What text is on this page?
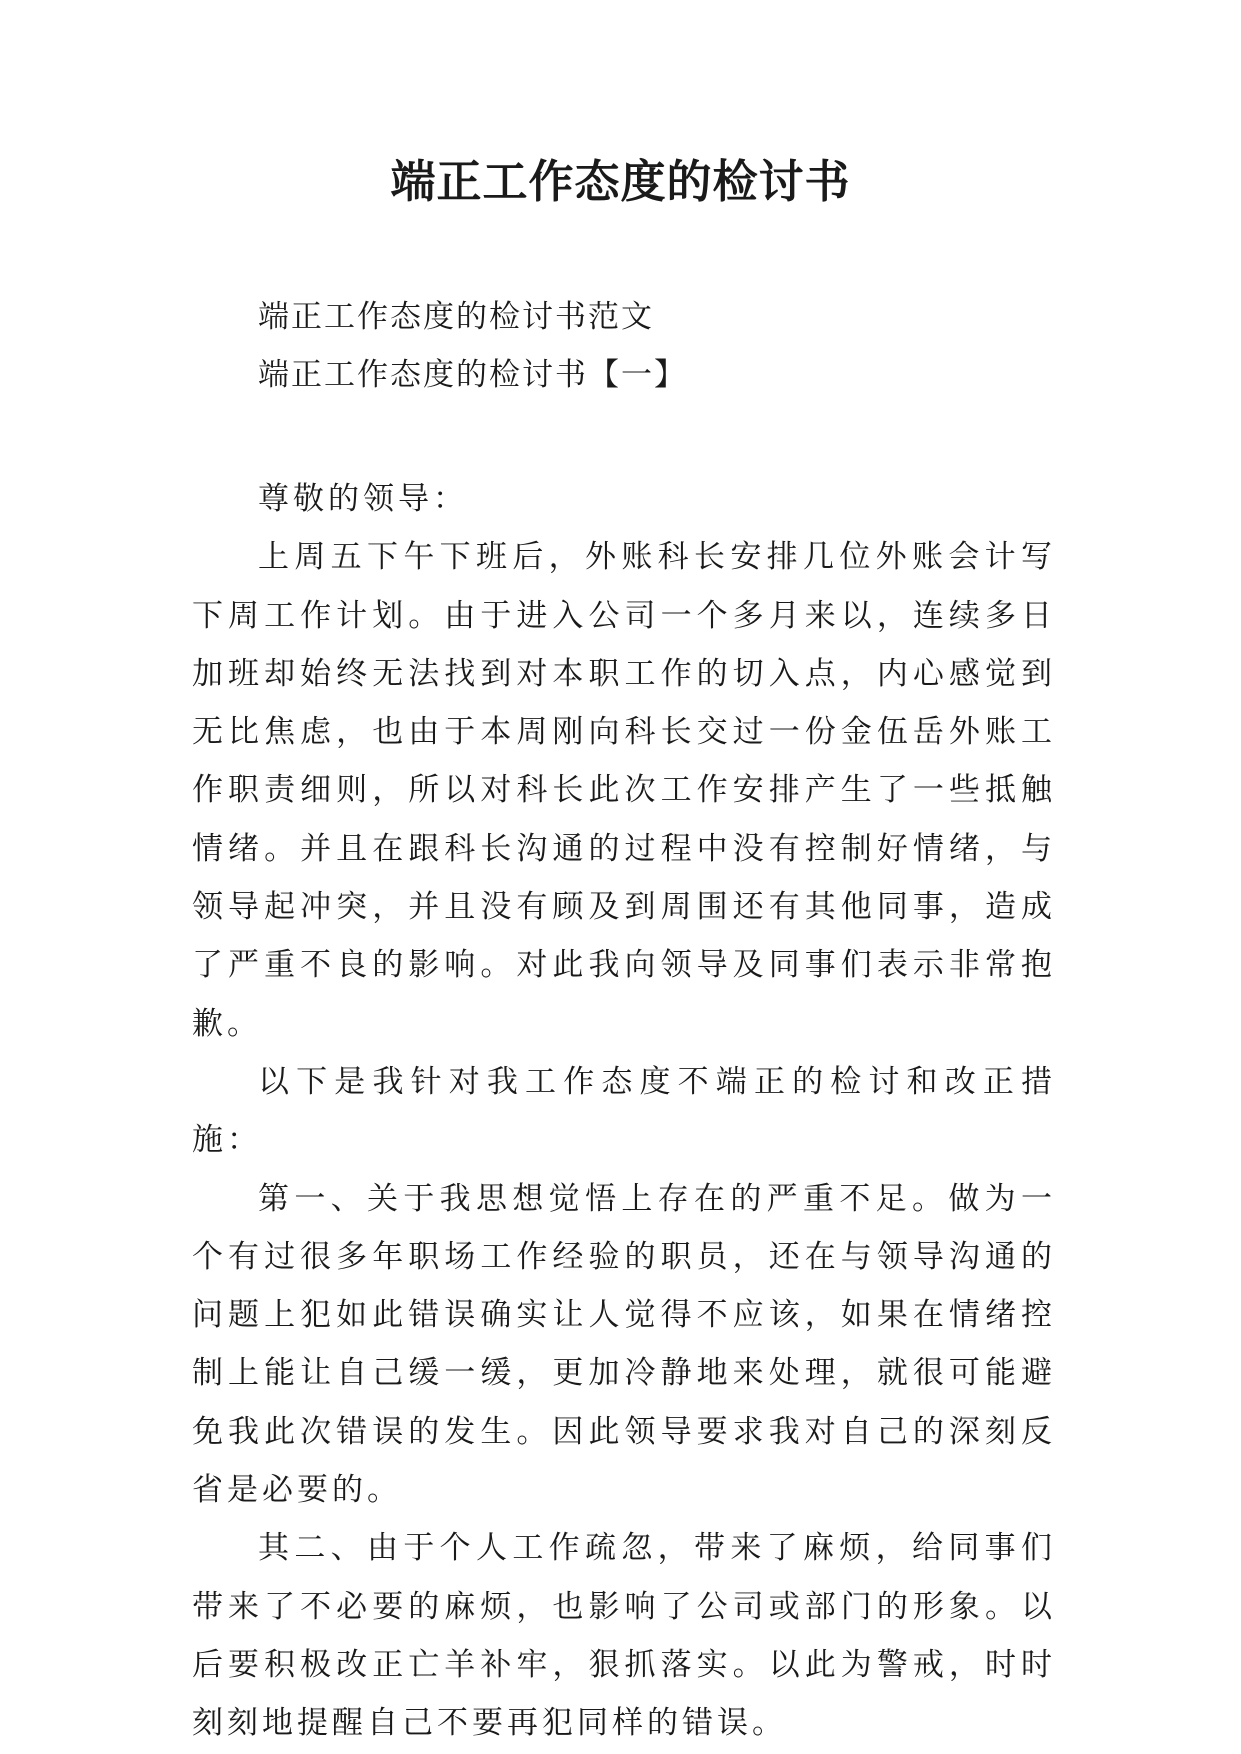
端正工作态度的检讨书

端正工作态度的检讨书范文

端正工作态度的检讨书【一】

尊敬的领导：

上周五下午下班后，外账科长安排几位外账会计写下周工作计划。由于进入公司一个多月来以，连续多日加班却始终无法找到对本职工作的切入点，内心感觉到无比焦虑，也由于本周刚向科长交过一份金伍岳外账工作职责细则，所以对科长此次工作安排产生了一些抵触情绪。并且在跟科长沟通的过程中没有控制好情绪，与领导起冲突，并且没有顾及到周围还有其他同事，造成了严重不良的影响。对此我向领导及同事们表示非常抱歉。

以下是我针对我工作态度不端正的检讨和改正措施：

第一、关于我思想觉悟上存在的严重不足。做为一个有过很多年职场工作经验的职员，还在与领导沟通的问题上犯如此错误确实让人觉得不应该，如果在情绪控制上能让自己缓一缓，更加冷静地来处理，就很可能避免我此次错误的发生。因此领导要求我对自己的深刻反省是必要的。

其二、由于个人工作疏忽，带来了麻烦，给同事们带来了不必要的麻烦，也影响了公司或部门的形象。以后要积极改正亡羊补牢，狠抓落实。以此为警戒，时时刻刻地提醒自己不要再犯同样的错误。
